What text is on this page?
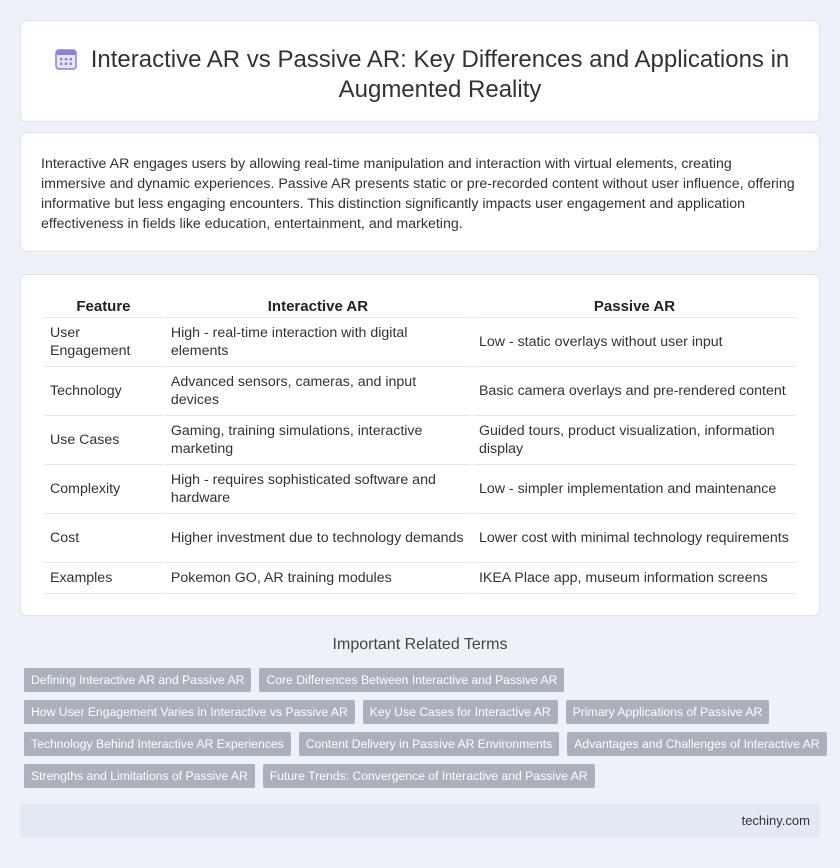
Interactive AR vs Passive AR: Key Differences and Applications in Augmented Reality

Interactive AR engages users by allowing real-time manipulation and interaction with virtual elements, creating immersive and dynamic experiences. Passive AR presents static or pre-recorded content without user influence, offering informative but less engaging encounters. This distinction significantly impacts user engagement and application effectiveness in fields like education, entertainment, and marketing.

Feature	Interactive AR	Passive AR
User Engagement	High - real-time interaction with digital elements	Low - static overlays without user input
Technology	Advanced sensors, cameras, and input devices	Basic camera overlays and pre-rendered content
Use Cases	Gaming, training simulations, interactive marketing	Guided tours, product visualization, information display
Complexity	High - requires sophisticated software and hardware	Low - simpler implementation and maintenance
Cost	Higher investment due to technology demands	Lower cost with minimal technology requirements
Examples	Pokemon GO, AR training modules	IKEA Place app, museum information screens
Important Related Terms
Defining Interactive AR and Passive AR	Core Differences Between Interactive and Passive AR
How User Engagement Varies in Interactive vs Passive AR	Key Use Cases for Interactive AR	Primary Applications of Passive AR
Technology Behind Interactive AR Experiences	Content Delivery in Passive AR Environments	Advantages and Challenges of Interactive AR
Strengths and Limitations of Passive AR	Future Trends: Convergence of Interactive and Passive AR
techiny.com
